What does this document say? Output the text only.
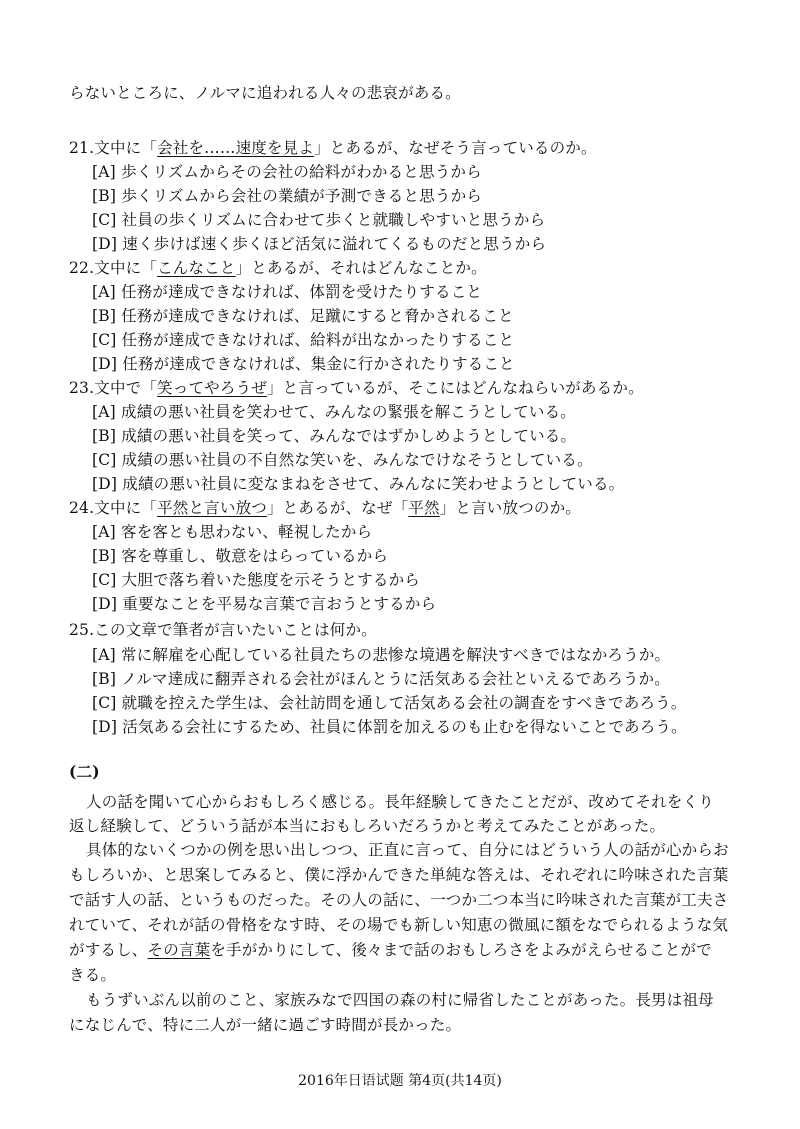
らないところに、ノルマに追われる人々の悲哀がある。
21.文中に「会社を……速度を見よ」とあるが、なぜそう言っているのか。
[A] 歩くリズムからその会社の給料がわかると思うから
[B] 歩くリズムから会社の業績が予測できると思うから
[C] 社員の歩くリズムに合わせて歩くと就職しやすいと思うから
[D] 速く歩けば速く歩くほど活気に溢れてくるものだと思うから
22.文中に「こんなこと」とあるが、それはどんなことか。
[A] 任務が達成できなければ、体罰を受けたりすること
[B] 任務が達成できなければ、足蹴にすると脅かされること
[C] 任務が達成できなければ、給料が出なかったりすること
[D] 任務が達成できなければ、集金に行かされたりすること
23.文中で「笑ってやろうぜ」と言っているが、そこにはどんなねらいがあるか。
[A] 成績の悪い社員を笑わせて、みんなの緊張を解こうとしている。
[B] 成績の悪い社員を笑って、みんなではずかしめようとしている。
[C] 成績の悪い社員の不自然な笑いを、みんなでけなそうとしている。
[D] 成績の悪い社員に変なまねをさせて、みんなに笑わせようとしている。
24.文中に「平然と言い放つ」とあるが、なぜ「平然」と言い放つのか。
[A] 客を客とも思わない、軽視したから
[B] 客を尊重し、敬意をはらっているから
[C] 大胆で落ち着いた態度を示そうとするから
[D] 重要なことを平易な言葉で言おうとするから
25.この文章で筆者が言いたいことは何か。
[A] 常に解雇を心配している社員たちの悲惨な境遇を解決すべきではなかろうか。
[B] ノルマ達成に翻弄される会社がほんとうに活気ある会社といえるであろうか。
[C] 就職を控えた学生は、会社訪問を通して活気ある会社の調査をすべきであろう。
[D] 活気ある会社にするため、社員に体罰を加えるのも止むを得ないことであろう。
(二)
人の話を聞いて心からおもしろく感じる。長年経験してきたことだが、改めてそれをくり
返し経験して、どういう話が本当におもしろいだろうかと考えてみたことがあった。
具体的ないくつかの例を思い出しつつ、正直に言って、自分にはどういう人の話が心からお
もしろいか、と思案してみると、僕に浮かんできた単純な答えは、それぞれに吟味された言葉
で話す人の話、というものだった。その人の話に、一つか二つ本当に吟味された言葉が工夫さ
れていて、それが話の骨格をなす時、その場でも新しい知恵の微風に額をなでられるような気
がするし、その言葉を手がかりにして、後々まで話のおもしろさをよみがえらせることがで
きる。
もうずいぶん以前のこと、家族みなで四国の森の村に帰省したことがあった。長男は祖母
になじんで、特に二人が一緒に過ごす時間が長かった。
2016年日语试题 第4页(共14页)
